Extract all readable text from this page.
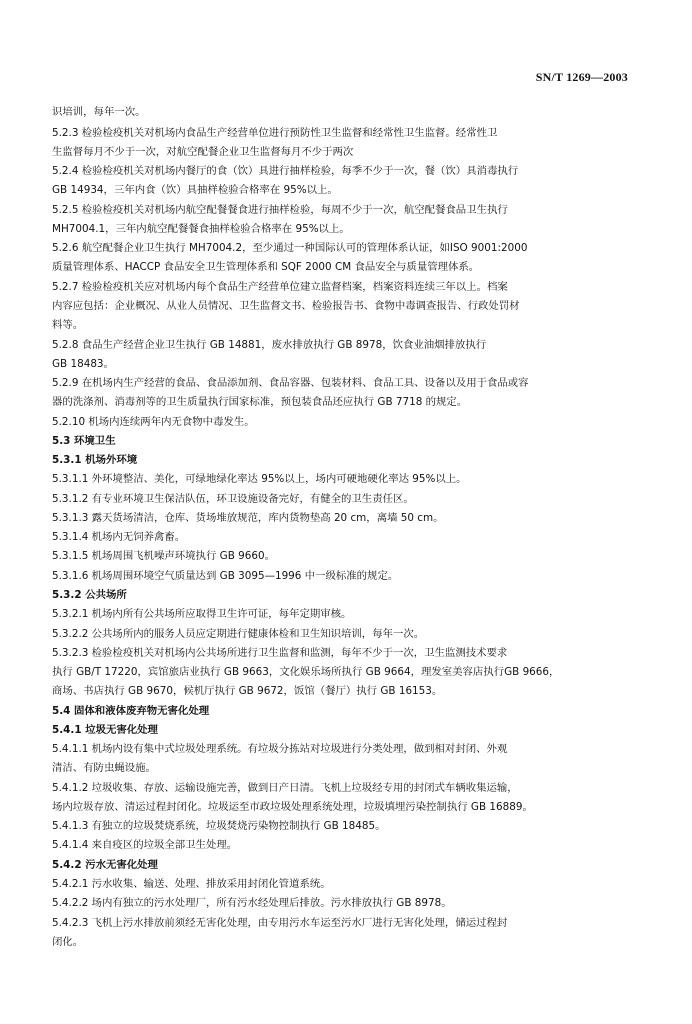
SN/T 1269—2003
识培训，每年一次。
5.2.3 检验检疫机关对机场内食品生产经营单位进行预防性卫生监督和经常性卫生监督。经常性卫
生监督每月不少于一次，对航空配餐企业卫生监督每月不少于两次
5.2.4 检验检疫机关对机场内餐厅的食（饮）具进行抽样检验，每季不少于一次，餐（饮）具消毒执行
GB 14934，三年内食（饮）具抽样检验合格率在 95%以上。
5.2.5 检验检疫机关对机场内航空配餐餐食进行抽样检验，每周不少于一次，航空配餐食品卫生执行
MH7004.1，三年内航空配餐餐食抽样检验合格率在 95%以上。
5.2.6 航空配餐企业卫生执行 MH7004.2，至少通过一种国际认可的管理体系认证，如ISO 9001:2000
质量管理体系、HACCP 食品安全卫生管理体系和 SQF 2000 CM 食品安全与质量管理体系。
5.2.7 检验检疫机关应对机场内每个食品生产经营单位建立监督档案，档案资料连续三年以上。档案
内容应包括：企业概况、从业人员情况、卫生监督文书、检验报告书、食物中毒调查报告、行政处罚材
料等。
5.2.8 食品生产经营企业卫生执行 GB 14881，废水排放执行 GB 8978，饮食业油烟排放执行
GB 18483。
5.2.9 在机场内生产经营的食品、食品添加剂、食品容器、包装材料、食品工具、设备以及用于食品或容
器的洗涤剂、消毒剂等的卫生质量执行国家标准，预包装食品还应执行 GB 7718 的规定。
5.2.10 机场内连续两年内无食物中毒发生。
5.3 环境卫生
5.3.1 机场外环境
5.3.1.1 外环境整洁、美化，可绿地绿化率达 95%以上，场内可硬地硬化率达 95%以上。
5.3.1.2 有专业环境卫生保洁队伍，环卫设施设备完好，有健全的卫生责任区。
5.3.1.3 露天货场清洁，仓库、货场堆放规范，库内货物垫高 20 cm，离墙 50 cm。
5.3.1.4 机场内无饲养禽畜。
5.3.1.5 机场周围飞机噪声环境执行 GB 9660。
5.3.1.6 机场周围环境空气质量达到 GB 3095—1996 中一级标准的规定。
5.3.2 公共场所
5.3.2.1 机场内所有公共场所应取得卫生许可证，每年定期审核。
5.3.2.2 公共场所内的服务人员应定期进行健康体检和卫生知识培训，每年一次。
5.3.2.3 检验检疫机关对机场内公共场所进行卫生监督和监测，每年不少于一次，卫生监测技术要求
执行 GB/T 17220，宾馆旅店业执行 GB 9663，文化娱乐场所执行 GB 9664，理发室美容店执行GB 9666，
商场、书店执行 GB 9670，候机厅执行 GB 9672，饭馆（餐厅）执行 GB 16153。
5.4 固体和液体废弃物无害化处理
5.4.1 垃圾无害化处理
5.4.1.1 机场内设有集中式垃圾处理系统。有垃圾分拣站对垃圾进行分类处理，做到相对封闭、外观
清洁、有防虫蝇设施。
5.4.1.2 垃圾收集、存放、运输设施完善，做到日产日清。飞机上垃圾经专用的封闭式车辆收集运输，
场内垃圾存放、清运过程封闭化。垃圾运至市政垃圾处理系统处理，垃圾填埋污染控制执行 GB 16889。
5.4.1.3 有独立的垃圾焚烧系统，垃圾焚烧污染物控制执行 GB 18485。
5.4.1.4 来自疫区的垃圾全部卫生处理。
5.4.2 污水无害化处理
5.4.2.1 污水收集、输送、处理、排放采用封闭化管道系统。
5.4.2.2 场内有独立的污水处理厂，所有污水经处理后排放。污水排放执行 GB 8978。
5.4.2.3 飞机上污水排放前须经无害化处理，由专用污水车运至污水厂进行无害化处理，储运过程封
闭化。
